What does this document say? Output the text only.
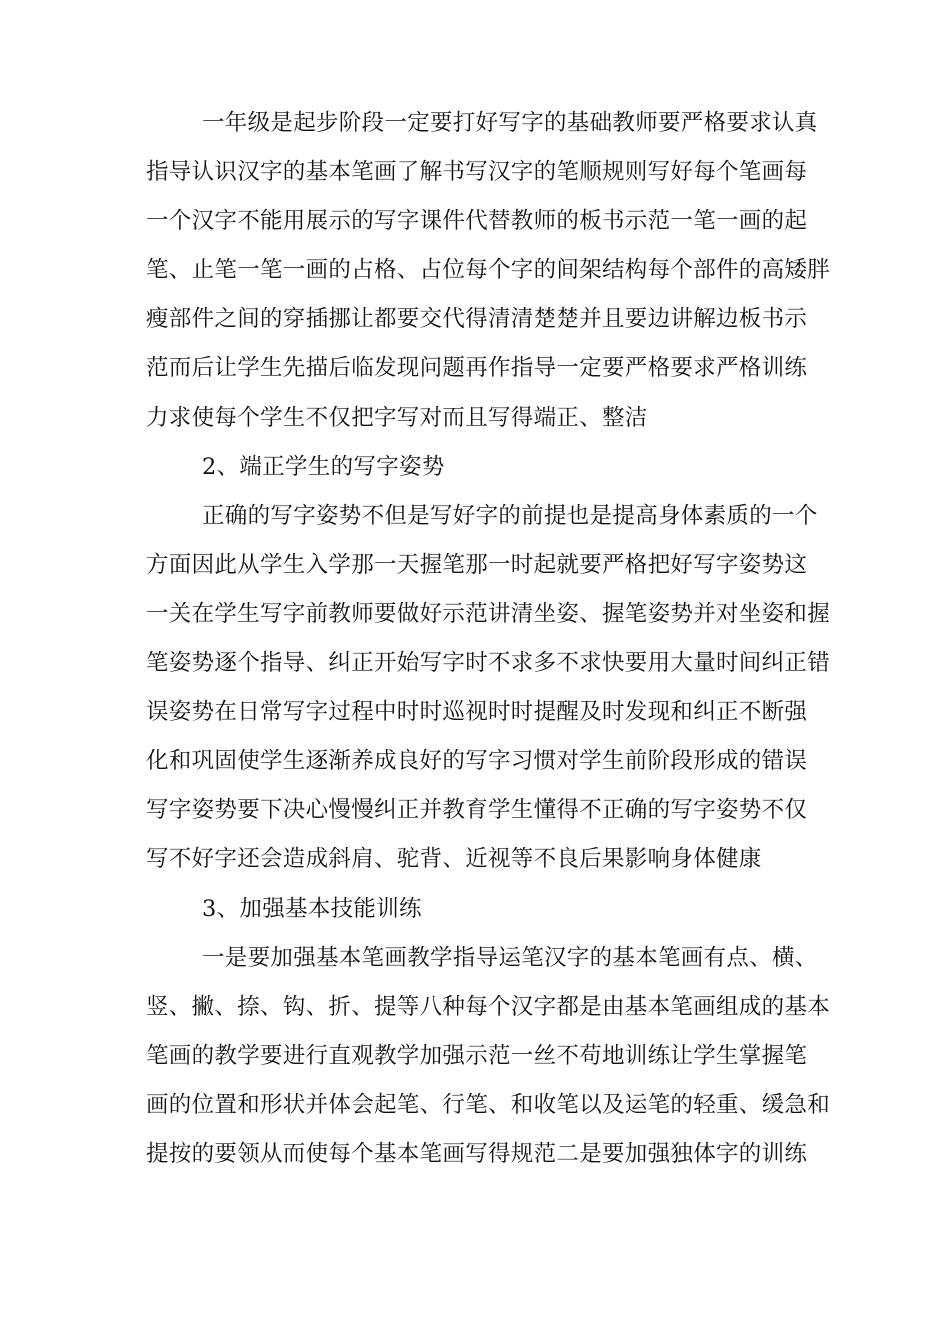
一年级是起步阶段一定要打好写字的基础教师要严格要求认真
指导认识汉字的基本笔画了解书写汉字的笔顺规则写好每个笔画每
一个汉字不能用展示的写字课件代替教师的板书示范一笔一画的起
笔、止笔一笔一画的占格、占位每个字的间架结构每个部件的高矮胖
瘦部件之间的穿插挪让都要交代得清清楚楚并且要边讲解边板书示
范而后让学生先描后临发现问题再作指导一定要严格要求严格训练
力求使每个学生不仅把字写对而且写得端正、整洁
2、端正学生的写字姿势
正确的写字姿势不但是写好字的前提也是提高身体素质的一个
方面因此从学生入学那一天握笔那一时起就要严格把好写字姿势这
一关在学生写字前教师要做好示范讲清坐姿、握笔姿势并对坐姿和握
笔姿势逐个指导、纠正开始写字时不求多不求快要用大量时间纠正错
误姿势在日常写字过程中时时巡视时时提醒及时发现和纠正不断强
化和巩固使学生逐渐养成良好的写字习惯对学生前阶段形成的错误
写字姿势要下决心慢慢纠正并教育学生懂得不正确的写字姿势不仅
写不好字还会造成斜肩、驼背、近视等不良后果影响身体健康
3、加强基本技能训练
一是要加强基本笔画教学指导运笔汉字的基本笔画有点、横、
竖、撇、捺、钩、折、提等八种每个汉字都是由基本笔画组成的基本
笔画的教学要进行直观教学加强示范一丝不苟地训练让学生掌握笔
画的位置和形状并体会起笔、行笔、和收笔以及运笔的轻重、缓急和
提按的要领从而使每个基本笔画写得规范二是要加强独体字的训练
